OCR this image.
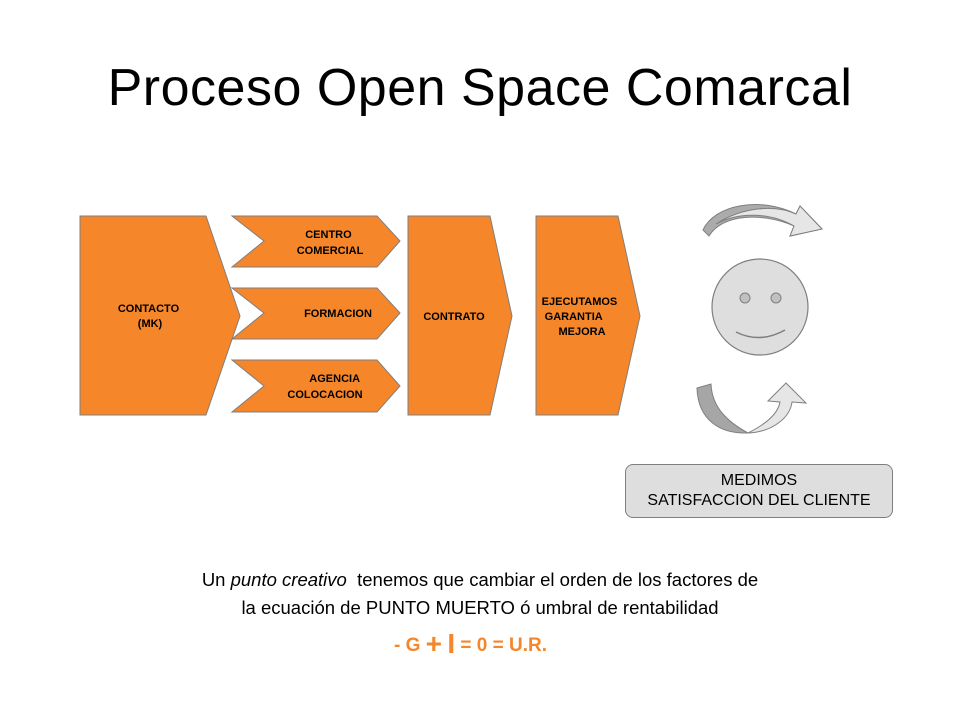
Proceso Open Space Comarcal
CONTACTO (MK)
CENTRO COMERCIAL
FORMACION
AGENCIA COLOCACION
CONTRATO
EJECUTAMOS GARANTIA MEJORA
MEDIMOS
SATISFACCION DEL CLIENTE
Un punto creativo  tenemos que cambiar el orden de los factores de
la ecuación de PUNTO MUERTO ó umbral de rentabilidad
- G + I = 0 = U.R.
